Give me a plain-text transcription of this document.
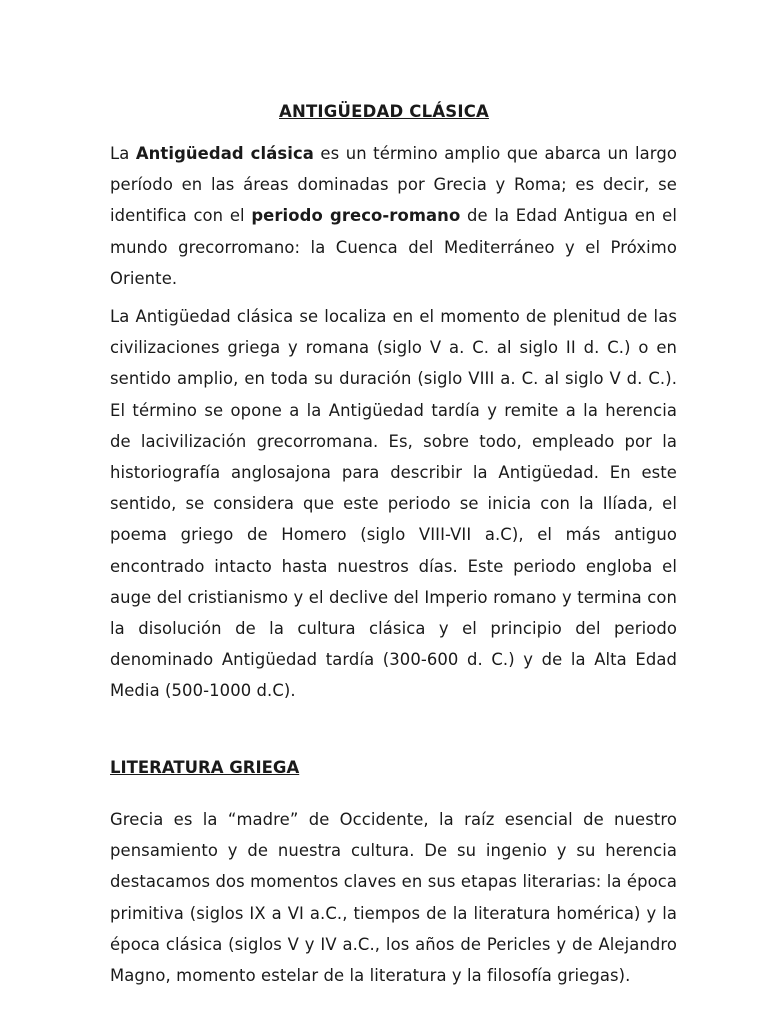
ANTIGÜEDAD CLÁSICA

La Antigüedad clásica es un término amplio que abarca un largo período en las áreas dominadas por Grecia y Roma; es decir, se identifica con el periodo greco-romano de la Edad Antigua en el mundo grecorromano: la Cuenca del Mediterráneo y el Próximo Oriente.

La Antigüedad clásica se localiza en el momento de plenitud de las civilizaciones griega y romana (siglo V a. C. al siglo II d. C.) o en sentido amplio, en toda su duración (siglo VIII a. C. al siglo V d. C.). El término se opone a la Antigüedad tardía y remite a la herencia de lacivilización grecorromana. Es, sobre todo, empleado por la historiografía anglosajona para describir la Antigüedad. En este sentido, se considera que este periodo se inicia con la Ilíada, el poema griego de Homero (siglo VIII-VII a.C), el más antiguo encontrado intacto hasta nuestros días. Este periodo engloba el auge del cristianismo y el declive del Imperio romano y termina con la disolución de la cultura clásica y el principio del periodo denominado Antigüedad tardía (300-600 d. C.) y de la Alta Edad Media (500-1000 d.C).

LITERATURA GRIEGA

Grecia es la “madre” de Occidente, la raíz esencial de nuestro pensamiento y de nuestra cultura. De su ingenio y su herencia destacamos dos momentos claves en sus etapas literarias: la época primitiva (siglos IX a VI a.C., tiempos de la literatura homérica) y la época clásica (siglos V y IV a.C., los años de Pericles y de Alejandro Magno, momento estelar de la literatura y la filosofía griegas).
